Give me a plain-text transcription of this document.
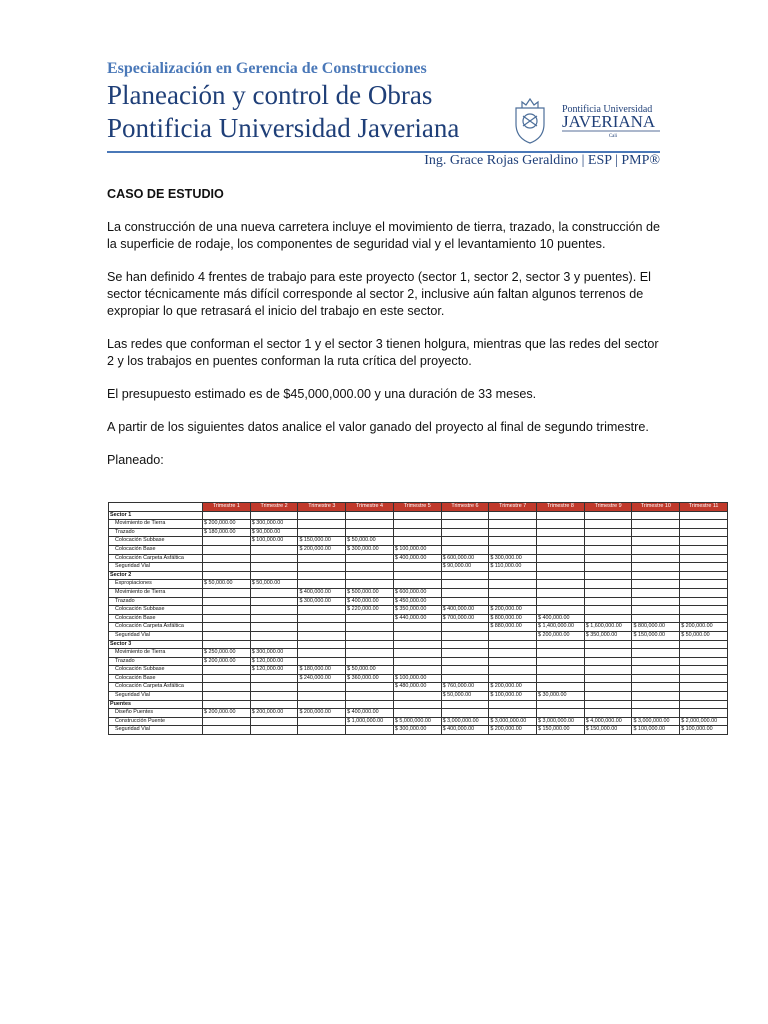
Especialización en Gerencia de Construcciones
Planeación y control de Obras
Pontificia Universidad Javeriana
Pontificia Universidad
JAVERIANA
Cali
Ing. Grace Rojas Geraldino | ESP | PMP®

CASO DE ESTUDIO

La construcción de una nueva carretera incluye el movimiento de tierra, trazado, la construcción de la superficie de rodaje, los componentes de seguridad vial y el levantamiento 10 puentes.

Se han definido 4 frentes de trabajo para este proyecto (sector 1, sector 2, sector 3 y puentes). El sector técnicamente más difícil corresponde al sector 2, inclusive aún faltan algunos terrenos de expropiar lo que retrasará el inicio del trabajo en este sector.

Las redes que conforman el sector 1 y el sector 3 tienen holgura, mientras que las redes del sector 2 y los trabajos en puentes conforman la ruta crítica del proyecto.

El presupuesto estimado es de $45,000,000.00 y una duración de 33 meses.

A partir de los siguientes datos analice el valor ganado del proyecto al final de segundo trimestre.

Planeado:

	Trimestre 1	Trimestre 2	Trimestre 3	Trimestre 4	Trimestre 5	Trimestre 6	Trimestre 7	Trimestre 8	Trimestre 9	Trimestre 10	Trimestre 11
Sector 1											
Movimiento de Tierra	$ 200,000.00	$ 300,000.00									
Trazado	$ 180,000.00	$ 90,000.00									
Colocación Subbase		$ 100,000.00	$ 150,000.00	$ 50,000.00							
Colocación Base			$ 200,000.00	$ 300,000.00	$ 100,000.00						
Colocación Carpeta Asfáltica					$ 400,000.00	$ 600,000.00	$ 300,000.00				
Seguridad Vial						$ 90,000.00	$ 110,000.00				
Sector 2											
Expropiaciones	$ 50,000.00	$ 50,000.00									
Movimiento de Tierra			$ 400,000.00	$ 500,000.00	$ 600,000.00						
Trazado			$ 300,000.00	$ 400,000.00	$ 450,000.00						
Colocación Subbase				$ 220,000.00	$ 350,000.00	$ 400,000.00	$ 200,000.00				
Colocación Base					$ 440,000.00	$ 700,000.00	$ 800,000.00	$ 400,000.00			
Colocación Carpeta Asfáltica							$ 880,000.00	$ 1,400,000.00	$ 1,600,000.00	$ 800,000.00	$ 200,000.00
Seguridad Vial								$ 200,000.00	$ 350,000.00	$ 150,000.00	$ 50,000.00
Sector 3											
Movimiento de Tierra	$ 250,000.00	$ 300,000.00									
Trazado	$ 200,000.00	$ 120,000.00									
Colocación Subbase		$ 120,000.00	$ 180,000.00	$ 50,000.00							
Colocación Base			$ 240,000.00	$ 360,000.00	$ 100,000.00						
Colocación Carpeta Asfáltica					$ 480,000.00	$ 760,000.00	$ 200,000.00				
Seguridad Vial						$ 50,000.00	$ 100,000.00	$ 30,000.00			
Puentes											
Diseño Puentes	$ 200,000.00	$ 200,000.00	$ 200,000.00	$ 400,000.00							
Construcción Puente				$ 1,000,000.00	$ 5,000,000.00	$ 3,000,000.00	$ 3,000,000.00	$ 3,000,000.00	$ 4,000,000.00	$ 3,000,000.00	$ 2,000,000.00
Seguridad Vial					$ 300,000.00	$ 400,000.00	$ 200,000.00	$ 150,000.00	$ 150,000.00	$ 100,000.00	$ 100,000.00
